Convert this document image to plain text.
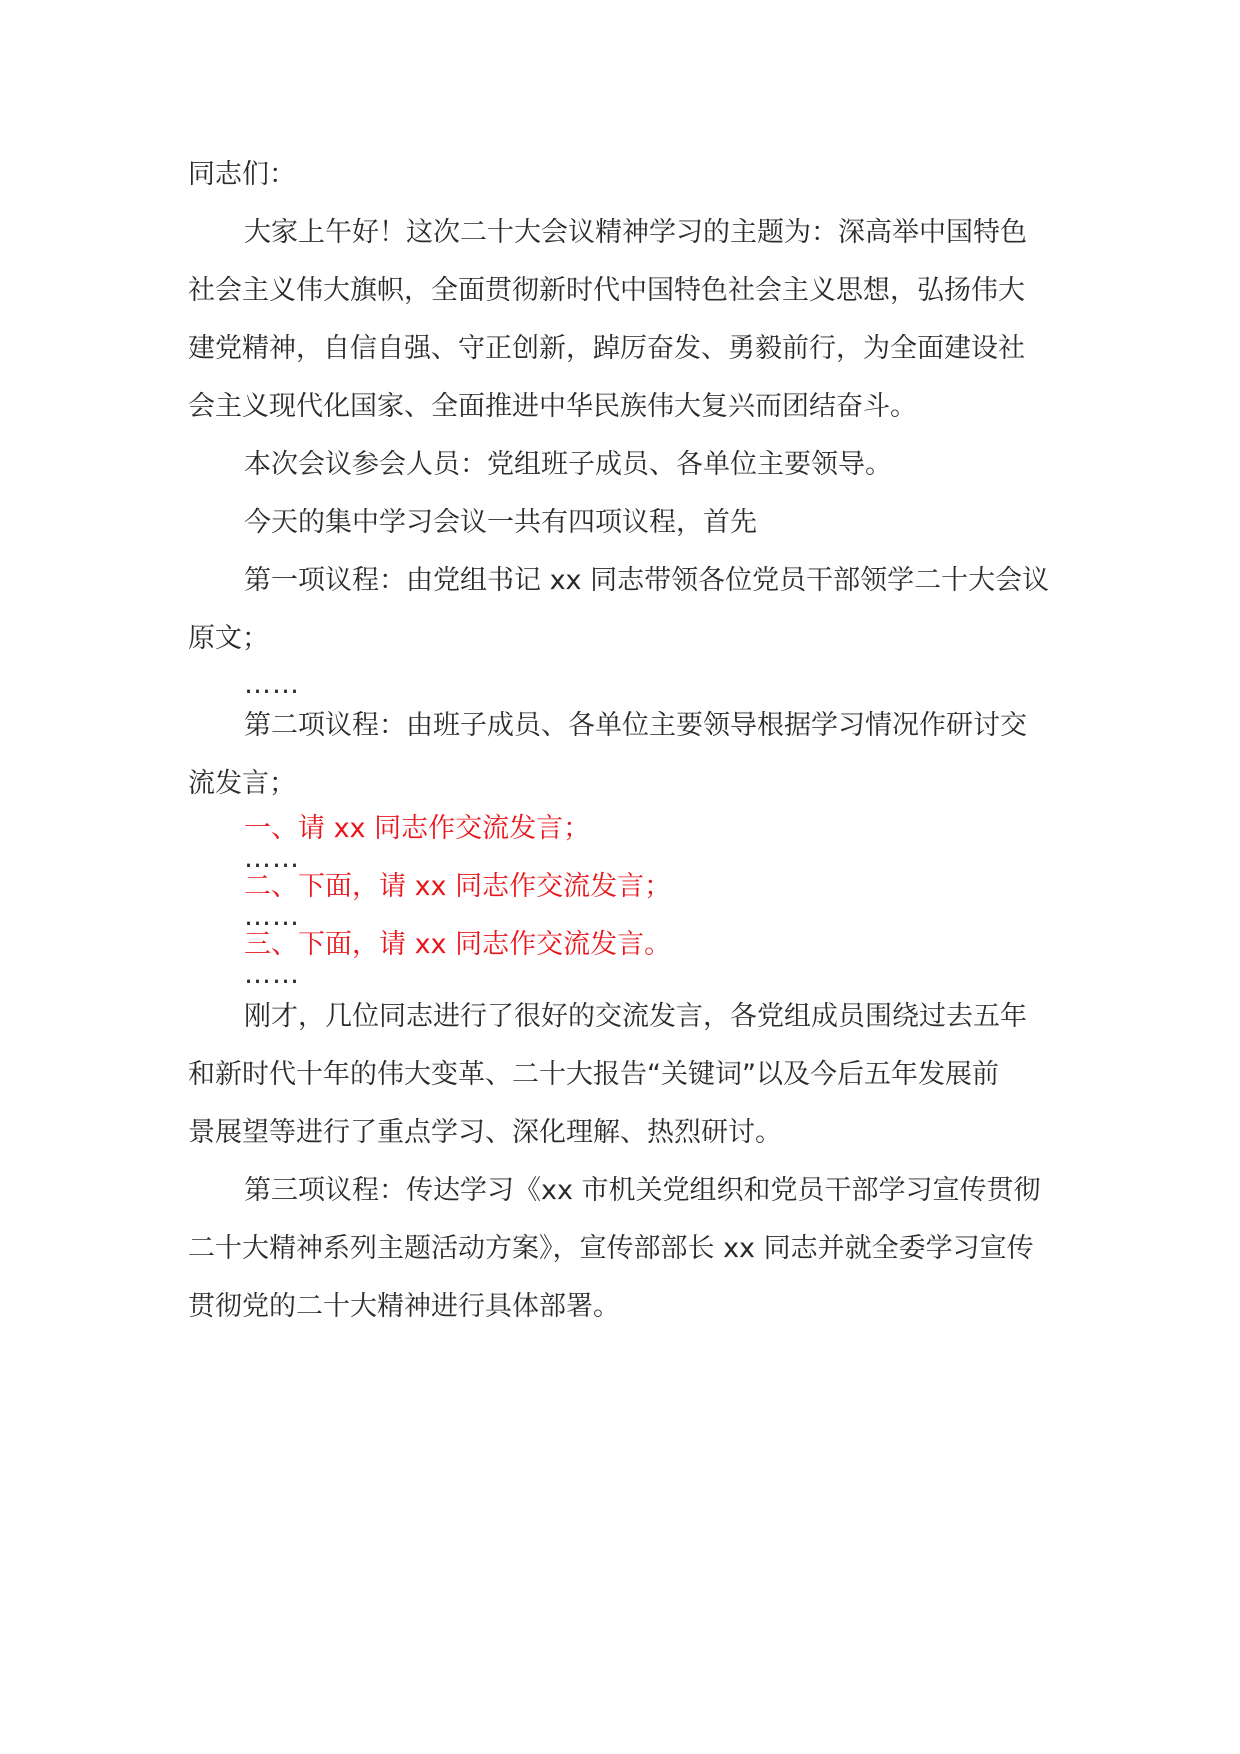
同志们：
大家上午好！这次二十大会议精神学习的主题为：深高举中国特色
社会主义伟大旗帜，全面贯彻新时代中国特色社会主义思想，弘扬伟大
建党精神，自信自强、守正创新，踔厉奋发、勇毅前行，为全面建设社
会主义现代化国家、全面推进中华民族伟大复兴而团结奋斗。
本次会议参会人员：党组班子成员、各单位主要领导。
今天的集中学习会议一共有四项议程，首先
第一项议程：由党组书记 xx 同志带领各位党员干部领学二十大会议
原文；
……
第二项议程：由班子成员、各单位主要领导根据学习情况作研讨交
流发言；
一、请 xx 同志作交流发言；
……
二、下面，请 xx 同志作交流发言；
……
三、下面，请 xx 同志作交流发言。
……
刚才，几位同志进行了很好的交流发言，各党组成员围绕过去五年
和新时代十年的伟大变革、二十大报告“关键词”以及今后五年发展前
景展望等进行了重点学习、深化理解、热烈研讨。
第三项议程：传达学习《xx 市机关党组织和党员干部学习宣传贯彻
二十大精神系列主题活动方案》，宣传部部长 xx 同志并就全委学习宣传
贯彻党的二十大精神进行具体部署。
